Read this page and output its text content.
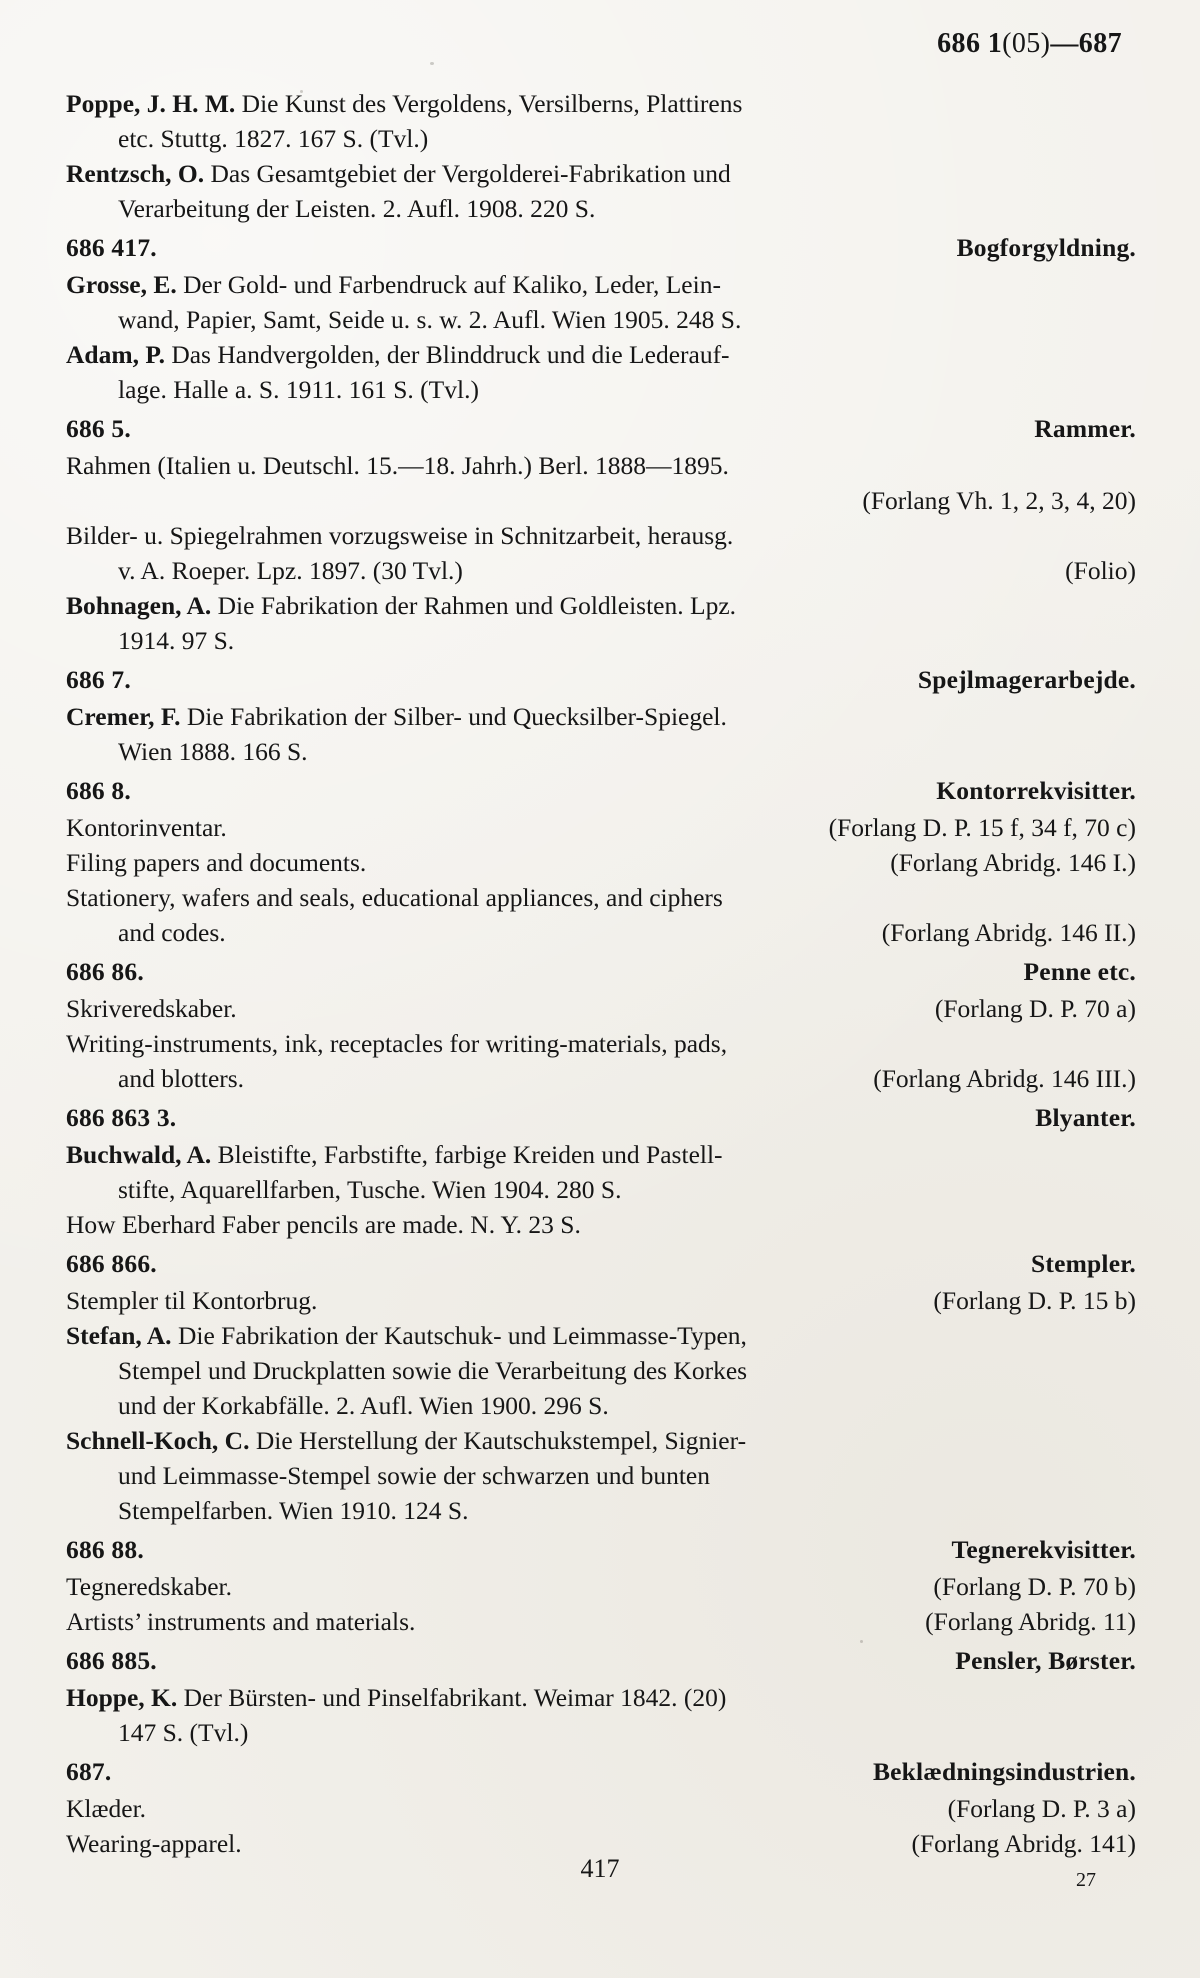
686 1(05)—687
Poppe, J. H. M. Die Kunst des Vergoldens, Versilberns, Plattirens
etc. Stuttg. 1827. 167 S. (Tvl.)
Rentzsch, O. Das Gesamtgebiet der Vergolderei-Fabrikation und
Verarbeitung der Leisten. 2. Aufl. 1908. 220 S.
686 417.	Bogforgyldning.
Grosse, E. Der Gold- und Farbendruck auf Kaliko, Leder, Lein-
wand, Papier, Samt, Seide u. s. w. 2. Aufl. Wien 1905. 248 S.
Adam, P. Das Handvergolden, der Blinddruck und die Lederauf-
lage. Halle a. S. 1911. 161 S. (Tvl.)
686 5.	Rammer.
Rahmen (Italien u. Deutschl. 15.—18. Jahrh.) Berl. 1888—1895.
(Forlang Vh. 1, 2, 3, 4, 20)
Bilder- u. Spiegelrahmen vorzugsweise in Schnitzarbeit, herausg.
v. A. Roeper. Lpz. 1897. (30 Tvl.)	(Folio)
Bohnagen, A. Die Fabrikation der Rahmen und Goldleisten. Lpz.
1914. 97 S.
686 7.	Spejlmagerarbejde.
Cremer, F. Die Fabrikation der Silber- und Quecksilber-Spiegel.
Wien 1888. 166 S.
686 8.	Kontorrekvisitter.
Kontorinventar.	(Forlang D. P. 15 f, 34 f, 70 c)
Filing papers and documents.	(Forlang Abridg. 146 I.)
Stationery, wafers and seals, educational appliances, and ciphers
and codes.	(Forlang Abridg. 146 II.)
686 86.	Penne etc.
Skriveredskaber.	(Forlang D. P. 70 a)
Writing-instruments, ink, receptacles for writing-materials, pads,
and blotters.	(Forlang Abridg. 146 III.)
686 863 3.	Blyanter.
Buchwald, A. Bleistifte, Farbstifte, farbige Kreiden und Pastell-
stifte, Aquarellfarben, Tusche. Wien 1904. 280 S.
How Eberhard Faber pencils are made. N. Y. 23 S.
686 866.	Stempler.
Stempler til Kontorbrug.	(Forlang D. P. 15 b)
Stefan, A. Die Fabrikation der Kautschuk- und Leimmasse-Typen,
Stempel und Druckplatten sowie die Verarbeitung des Korkes
und der Korkabfälle. 2. Aufl. Wien 1900. 296 S.
Schnell-Koch, C. Die Herstellung der Kautschukstempel, Signier-
und Leimmasse-Stempel sowie der schwarzen und bunten
Stempelfarben. Wien 1910. 124 S.
686 88.	Tegnerekvisitter.
Tegneredskaber.	(Forlang D. P. 70 b)
Artists’ instruments and materials.	(Forlang Abridg. 11)
686 885.	Pensler, Børster.
Hoppe, K. Der Bürsten- und Pinselfabrikant. Weimar 1842. (20)
147 S. (Tvl.)
687.	Beklædningsindustrien.
Klæder.	(Forlang D. P. 3 a)
Wearing-apparel.	(Forlang Abridg. 141)
417	27
